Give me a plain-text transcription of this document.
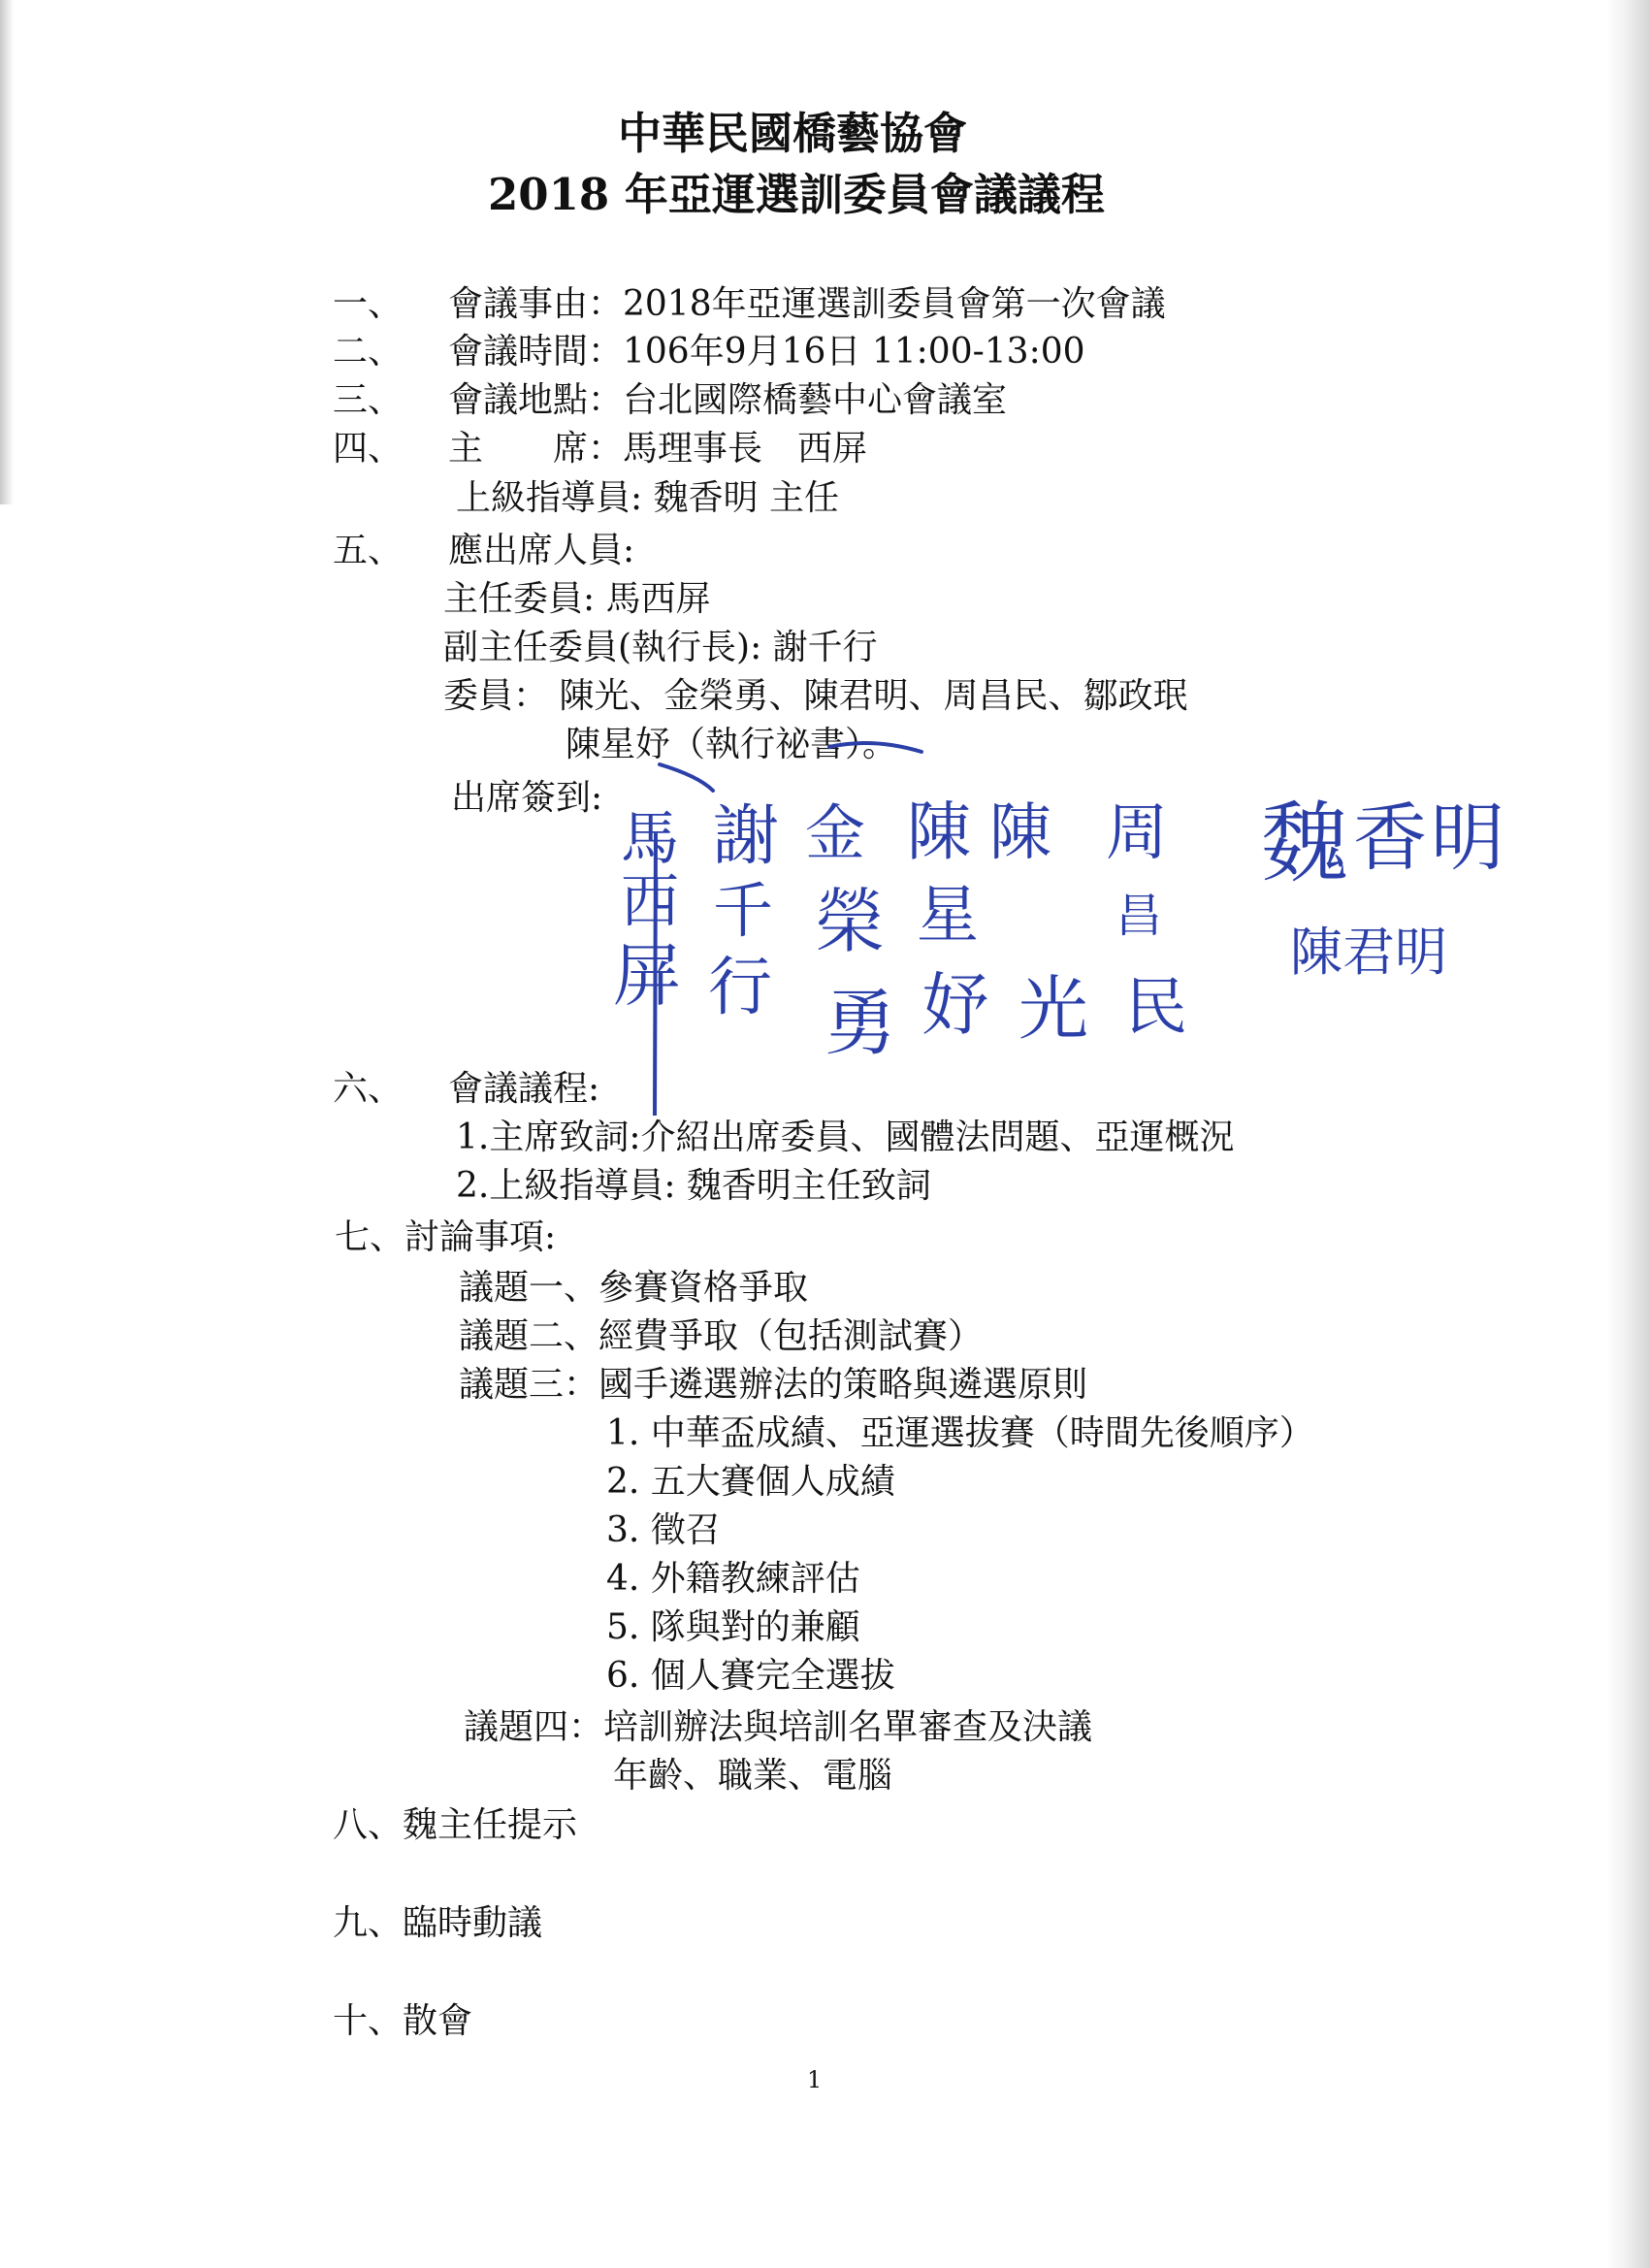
中華民國橋藝協會
2018 年亞運選訓委員會議議程
一、 會議事由：2018年亞運選訓委員會第一次會議
二、 會議時間：106年9月16日 11:00-13:00
三、 會議地點：台北國際橋藝中心會議室
四、 主　　席：馬理事長　西屏
上級指導員: 魏香明 主任
五、 應出席人員:
主任委員: 馬西屏
副主任委員(執行長): 謝千行
委員： 陳光、金榮勇、陳君明、周昌民、鄒政珉
陳星妤（執行祕書）。
出席簽到:
馬
西
屏
謝
千
行
金
榮
勇
陳
星
妤
陳
光
周
昌
民
魏 香 明
陳君明
六、 會議議程:
1.主席致詞:介紹出席委員、國體法問題、亞運概況
2.上級指導員: 魏香明主任致詞
七、討論事項:
議題一、參賽資格爭取
議題二、經費爭取（包括測試賽）
議題三：國手遴選辦法的策略與遴選原則
1. 中華盃成績、亞運選拔賽（時間先後順序）
2. 五大賽個人成績
3. 徵召
4. 外籍教練評估
5. 隊與對的兼顧
6. 個人賽完全選拔
議題四：培訓辦法與培訓名單審查及決議
年齡、職業、電腦
八、魏主任提示
九、臨時動議
十、散會
1
